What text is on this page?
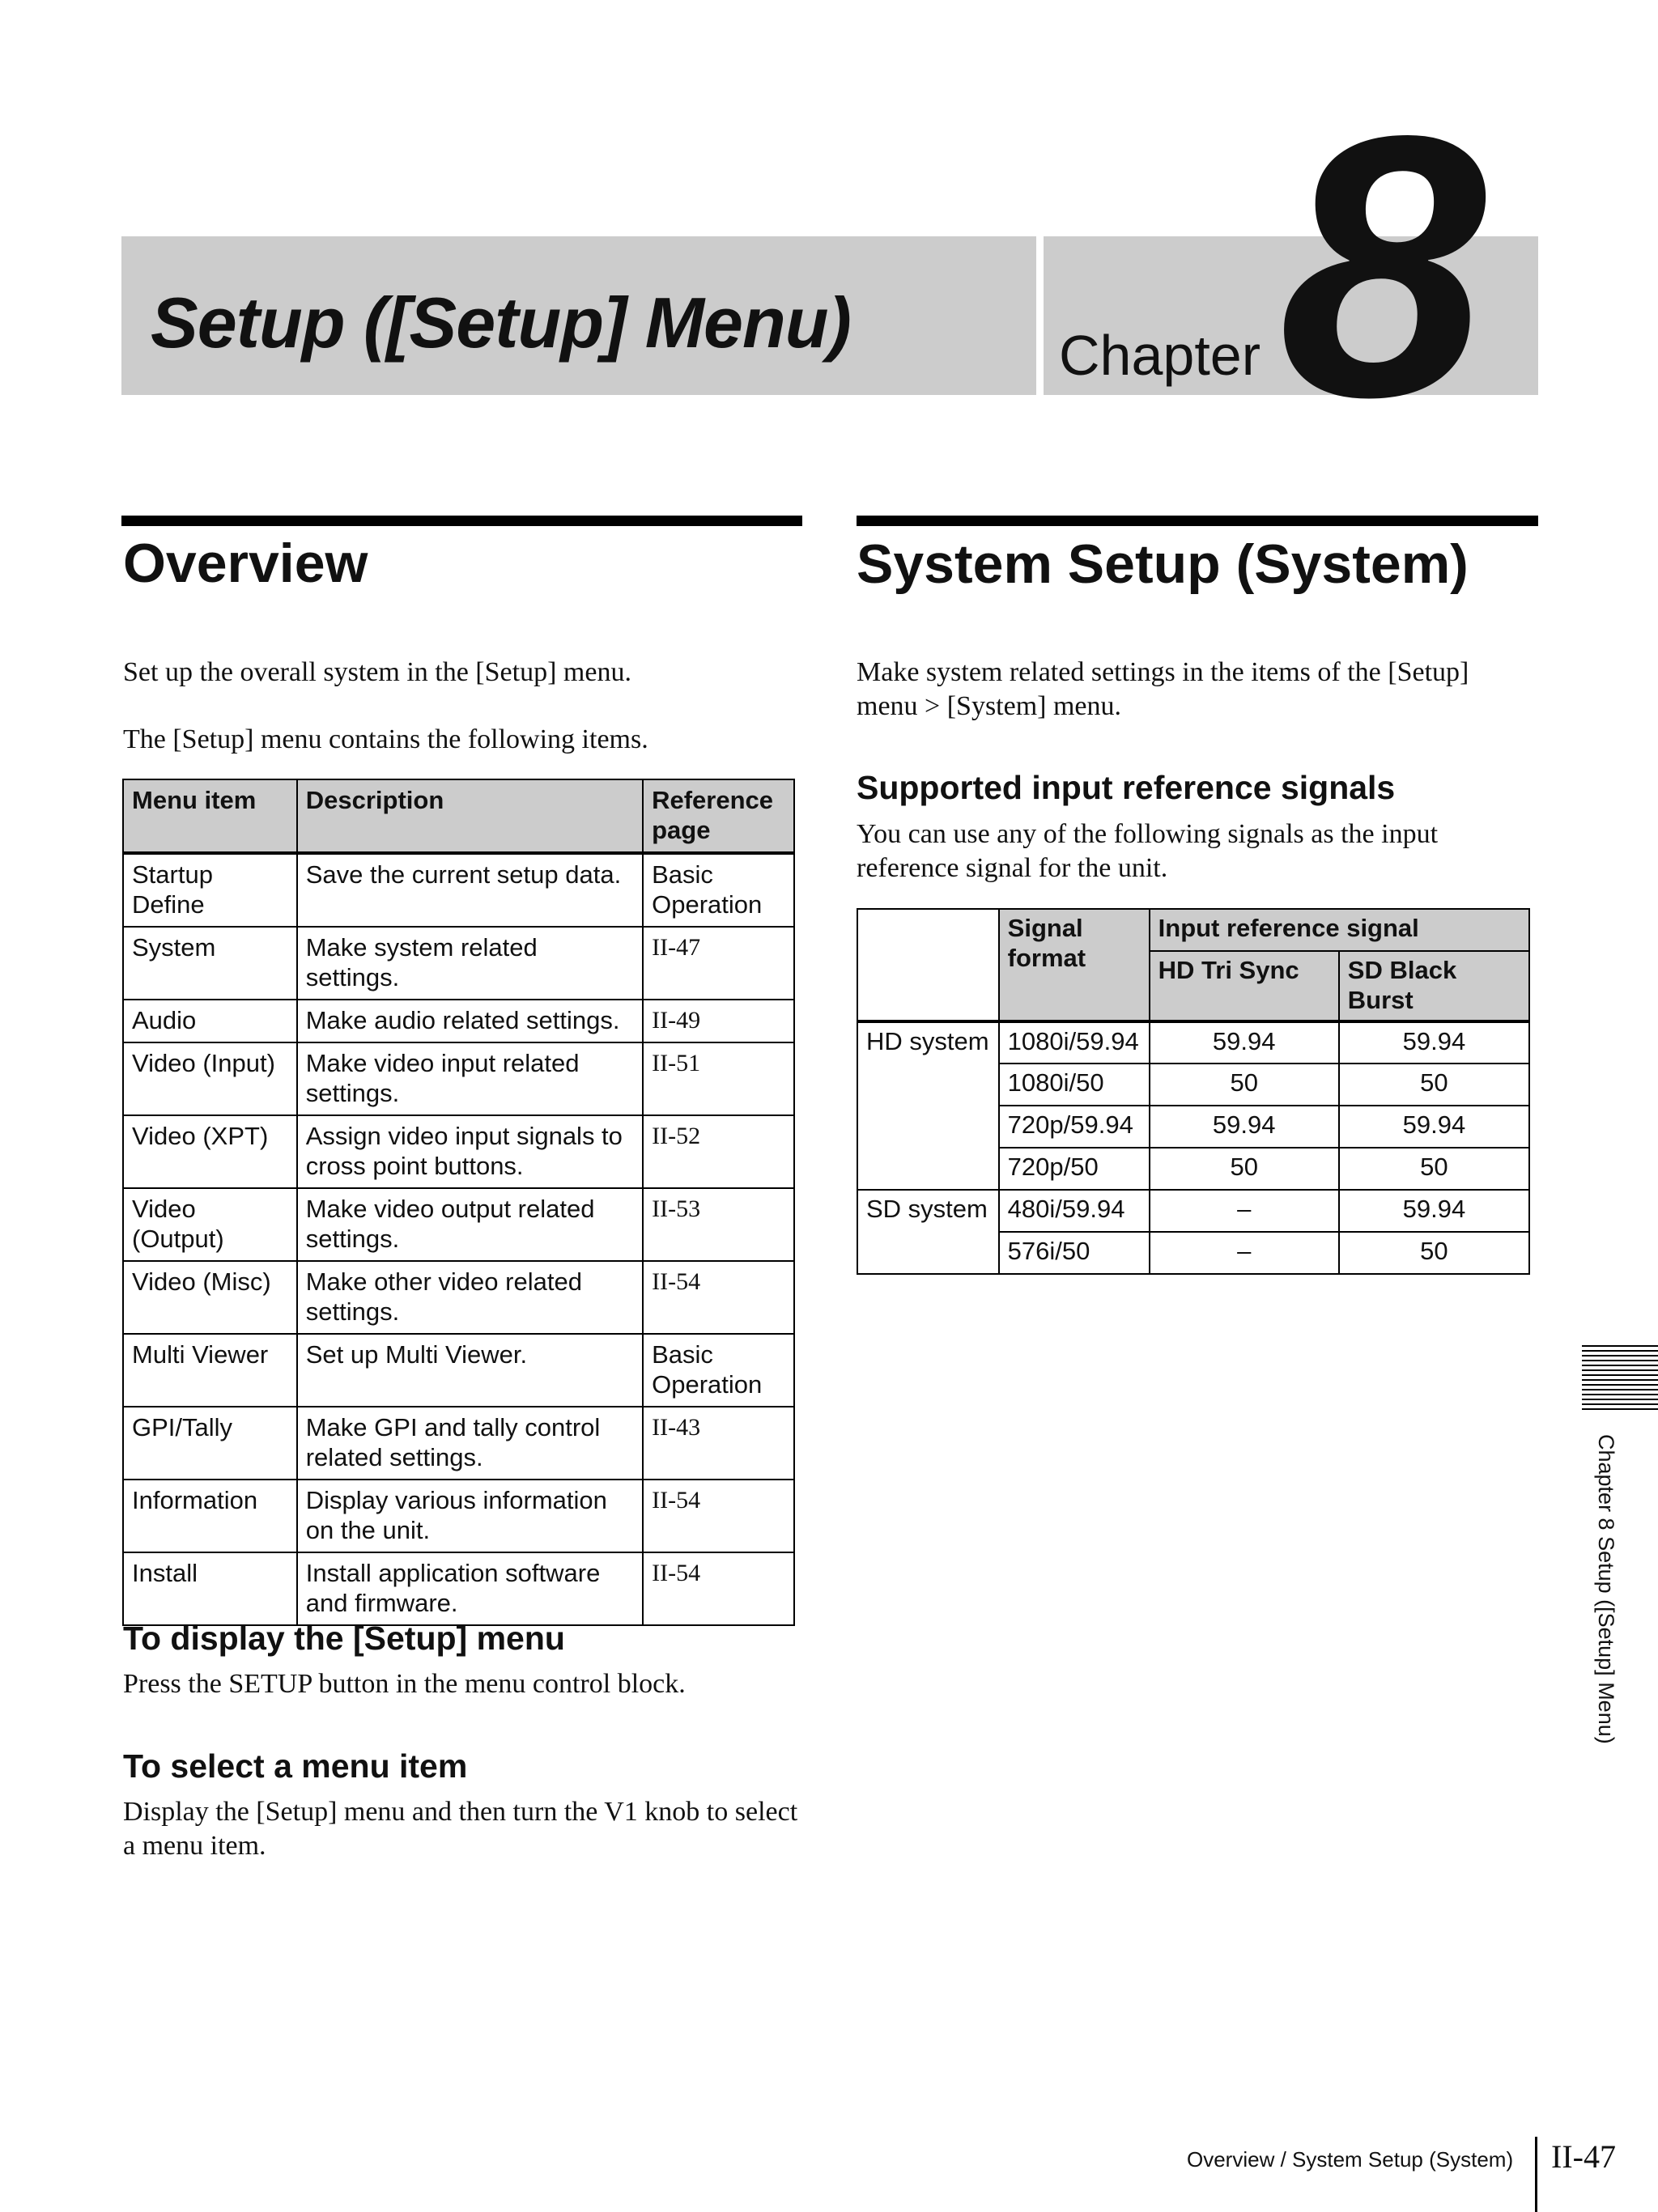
Setup ([Setup] Menu)	Chapter 8
Overview

Set up the overall system in the [Setup] menu.

The [Setup] menu contains the following items.

Menu item	Description	Reference page
Startup Define	Save the current setup data.	Basic Operation
System	Make system related settings.	II-47
Audio	Make audio related settings.	II-49
Video (Input)	Make video input related settings.	II-51
Video (XPT)	Assign video input signals to cross point buttons.	II-52
Video (Output)	Make video output related settings.	II-53
Video (Misc)	Make other video related settings.	II-54
Multi Viewer	Set up Multi Viewer.	Basic Operation
GPI/Tally	Make GPI and tally control related settings.	II-43
Information	Display various information on the unit.	II-54
Install	Install application software and firmware.	II-54
To display the [Setup] menu

Press the SETUP button in the menu control block.

To select a menu item

Display the [Setup] menu and then turn the V1 knob to select a menu item.

System Setup (System)

Make system related settings in the items of the [Setup] menu > [System] menu.

Supported input reference signals

You can use any of the following signals as the input reference signal for the unit.

	Signal format	Input reference signal	
		HD Tri Sync	SD Black Burst
HD system	1080i/59.94	59.94	59.94
	1080i/50	50	50
	720p/59.94	59.94	59.94
	720p/50	50	50
SD system	480i/59.94	–	59.94
	576i/50	–	50
Chapter 8 Setup ([Setup] Menu)
Overview / System Setup (System) II-47
